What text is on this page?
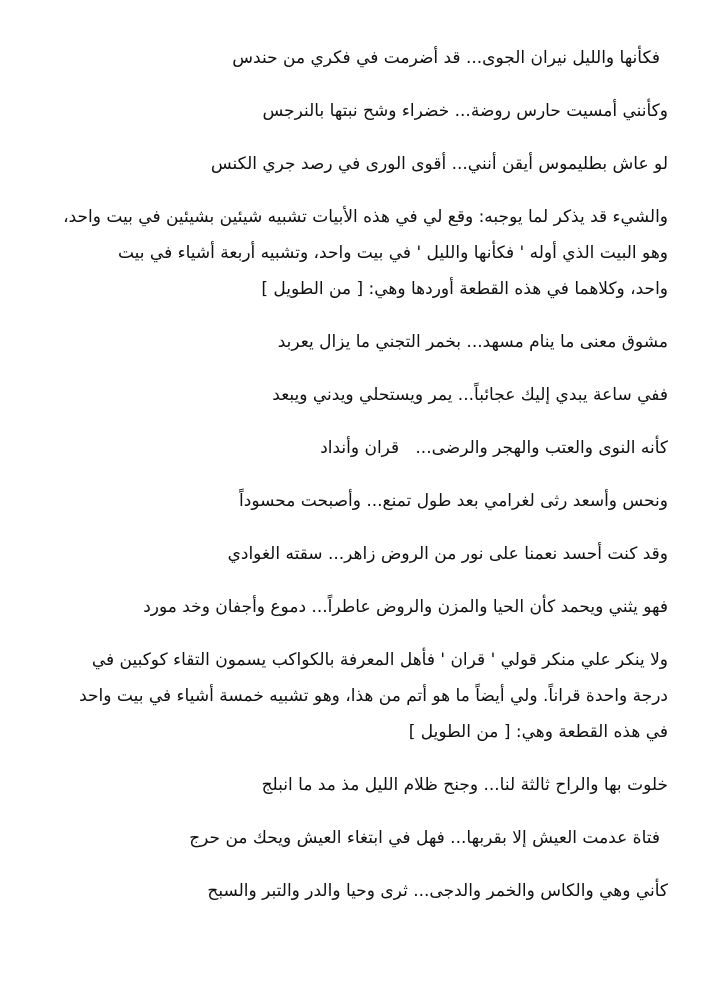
فكأنها والليل نيران الجوى... قد أضرمت في فكري من حندس

وكأنني أمسيت حارس روضة... خضراء وشح نبتها بالنرجس

لو عاش بطليموس أيقن أنني... أقوى الورى في رصد جري الكنس

والشيء قد يذكر لما يوجبه: وقع لي في هذه الأبيات تشبيه شيئين بشيئين في بيت واحد،
وهو البيت الذي أوله ' فكأنها والليل ' في بيت واحد، وتشبيه أربعة أشياء في بيت
واحد، وكلاهما في هذه القطعة أوردها وهي: [ من الطويل ]

مشوق معنى ما ينام مسهد... بخمر التجني ما يزال يعربد

ففي ساعة يبدي إليك عجائباً... يمر ويستحلي ويدني ويبعد

كأنه النوى والعتب والهجر والرضى...   قران وأنداد

ونحس وأسعد رثى لغرامي بعد طول تمنع... وأصبحت محسوداً

وقد كنت أحسد نعمنا على نور من الروض زاهر... سقته الغوادي

فهو يثني ويحمد كأن الحيا والمزن والروض عاطراً... دموع وأجفان وخد مورد

ولا ينكر علي منكر قولي ' قران ' فأهل المعرفة بالكواكب يسمون التقاء كوكبين في
درجة واحدة قراناً. ولي أيضاً ما هو أتم من هذا، وهو تشبيه خمسة أشياء في بيت واحد
في هذه القطعة وهي: [ من الطويل ]

خلوت بها والراح ثالثة لنا... وجنح ظلام الليل مذ مد ما انبلج

فتاة عدمت العيش إلا بقربها... فهل في ابتغاء العيش ويحك من حرج

كأني وهي والكاس والخمر والدجى... ثرى وحيا والدر والتبر والسبح
